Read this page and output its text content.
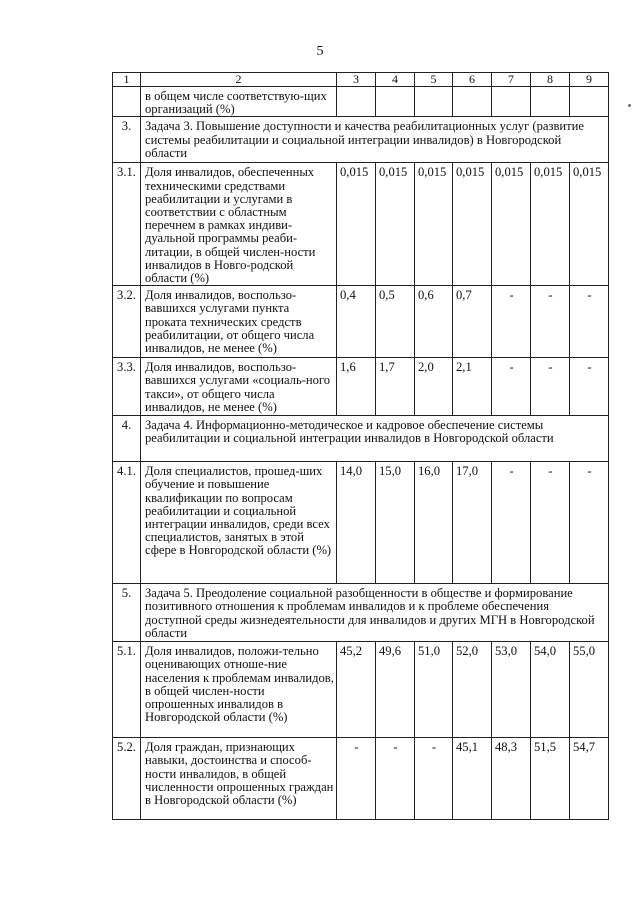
5
1	2	3	4	5	6	7	8	9
	в общем числе соответствую-щих организаций (%)							
3.	Задача 3. Повышение доступности и качества реабилитационных услуг (развитие системы реабилитации и социальной интеграции инвалидов) в Новгородской области							
3.1.	Доля инвалидов, обеспеченных техническими средствами реабилитации и услугами в соответствии с областным перечнем в рамках индиви-дуальной программы реаби-литации, в общей числен-ности инвалидов в Новго-родской области (%)	0,015	0,015	0,015	0,015	0,015	0,015	0,015
3.2.	Доля инвалидов, воспользо-вавшихся услугами пункта проката технических средств реабилитации, от общего числа инвалидов, не менее (%)	0,4	0,5	0,6	0,7	-	-	-
3.3.	Доля инвалидов, воспользо-вавшихся услугами «социаль-ного такси», от общего числа инвалидов, не менее (%)	1,6	1,7	2,0	2,1	-	-	-
4.	Задача 4. Информационно-методическое и кадровое обеспечение системы реабилитации и социальной интеграции инвалидов в Новгородской области							
4.1.	Доля специалистов, прошед-ших обучение и повышение квалификации по вопросам реабилитации и социальной интеграции инвалидов, среди всех специалистов, занятых в этой сфере в Новгородской области (%)	14,0	15,0	16,0	17,0	-	-	-
5.	Задача 5. Преодоление социальной разобщенности в обществе и формирование позитивного отношения к проблемам инвалидов и к проблеме обеспечения доступной среды жизнедеятельности для инвалидов и других МГН в Новгородской области							
5.1.	Доля инвалидов, положи-тельно оценивающих отноше-ние населения к проблемам инвалидов, в общей числен-ности опрошенных инвалидов в Новгородской области (%)	45,2	49,6	51,0	52,0	53,0	54,0	55,0
5.2.	Доля граждан, признающих навыки, достоинства и способ-ности инвалидов, в общей численности опрошенных граждан в Новгородской области (%)	-	-	-	45,1	48,3	51,5	54,7
